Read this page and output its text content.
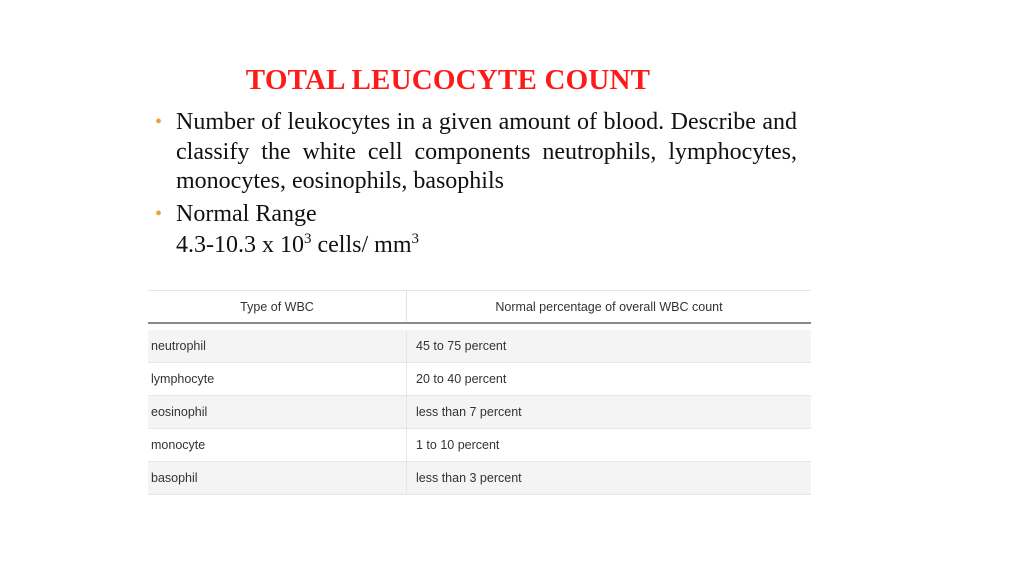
TOTAL LEUCOCYTE COUNT
• Number of leukocytes in a given amount of blood. Describe and classify the white cell components neutrophils, lymphocytes, monocytes, eosinophils, basophils
• Normal Range
4.3-10.3 x $10^3$ cells/ $mm^3$
Type of WBC	Normal percentage of overall WBC count

neutrophil	45 to 75 percent
lymphocyte	20 to 40 percent
eosinophil	less than 7 percent
monocyte	1 to 10 percent
basophil	less than 3 percent
